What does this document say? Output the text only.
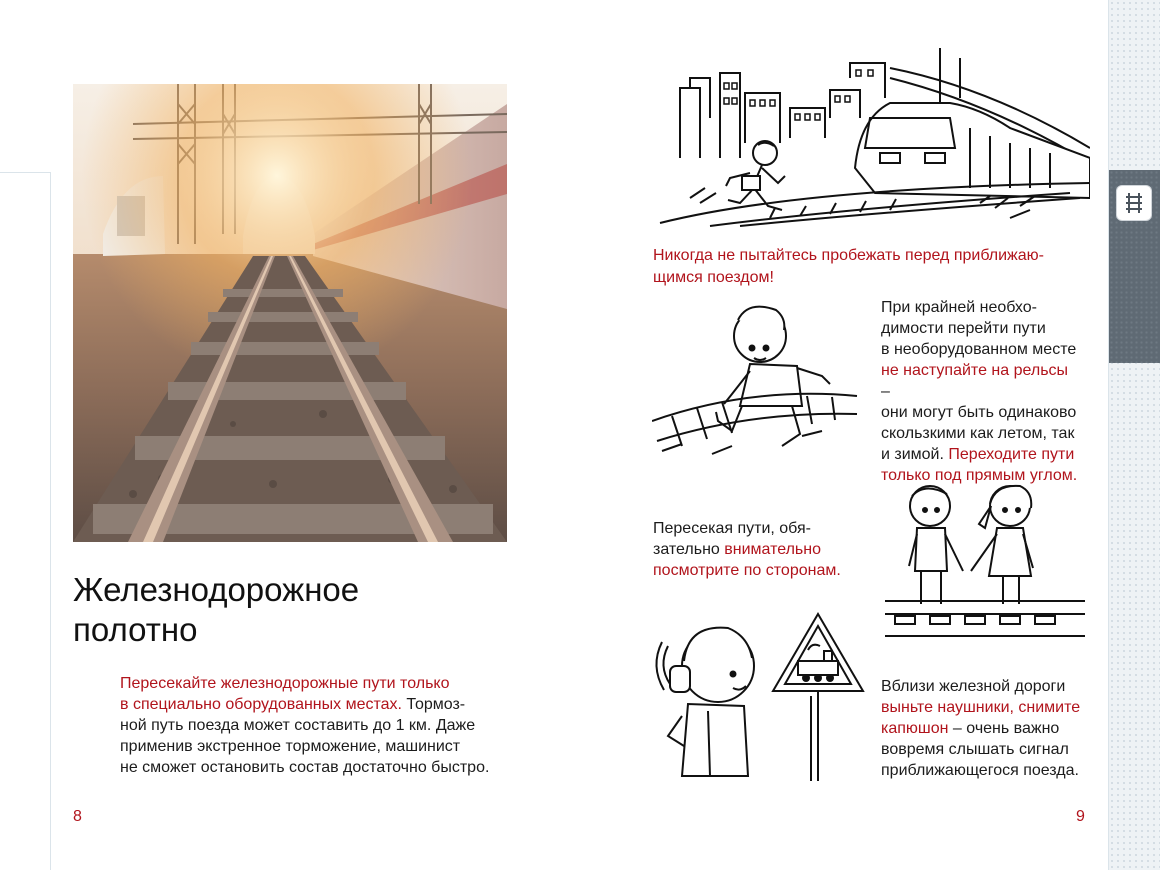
Железнодорожное
полотно
Пересекайте железнодорожные пути только
в специально оборудованных местах. Тормоз-
ной путь поезда может составить до 1 км. Даже
применив экстренное торможение, машинист
не сможет остановить состав достаточно быстро.
8
Никогда не пытайтесь пробежать перед приближаю-
щимся поездом!
При крайней необхо-
димости перейти пути
в необорудованном месте
не наступайте на рельсы –
они могут быть одинаково
скользкими как летом, так
и зимой. Переходите пути
только под прямым углом.
Пересекая пути, обя-
зательно внимательно
посмотрите по сторонам.
Вблизи железной дороги
выньте наушники, снимите
капюшон – очень важно
вовремя слышать сигнал
приближающегося поезда.
9
